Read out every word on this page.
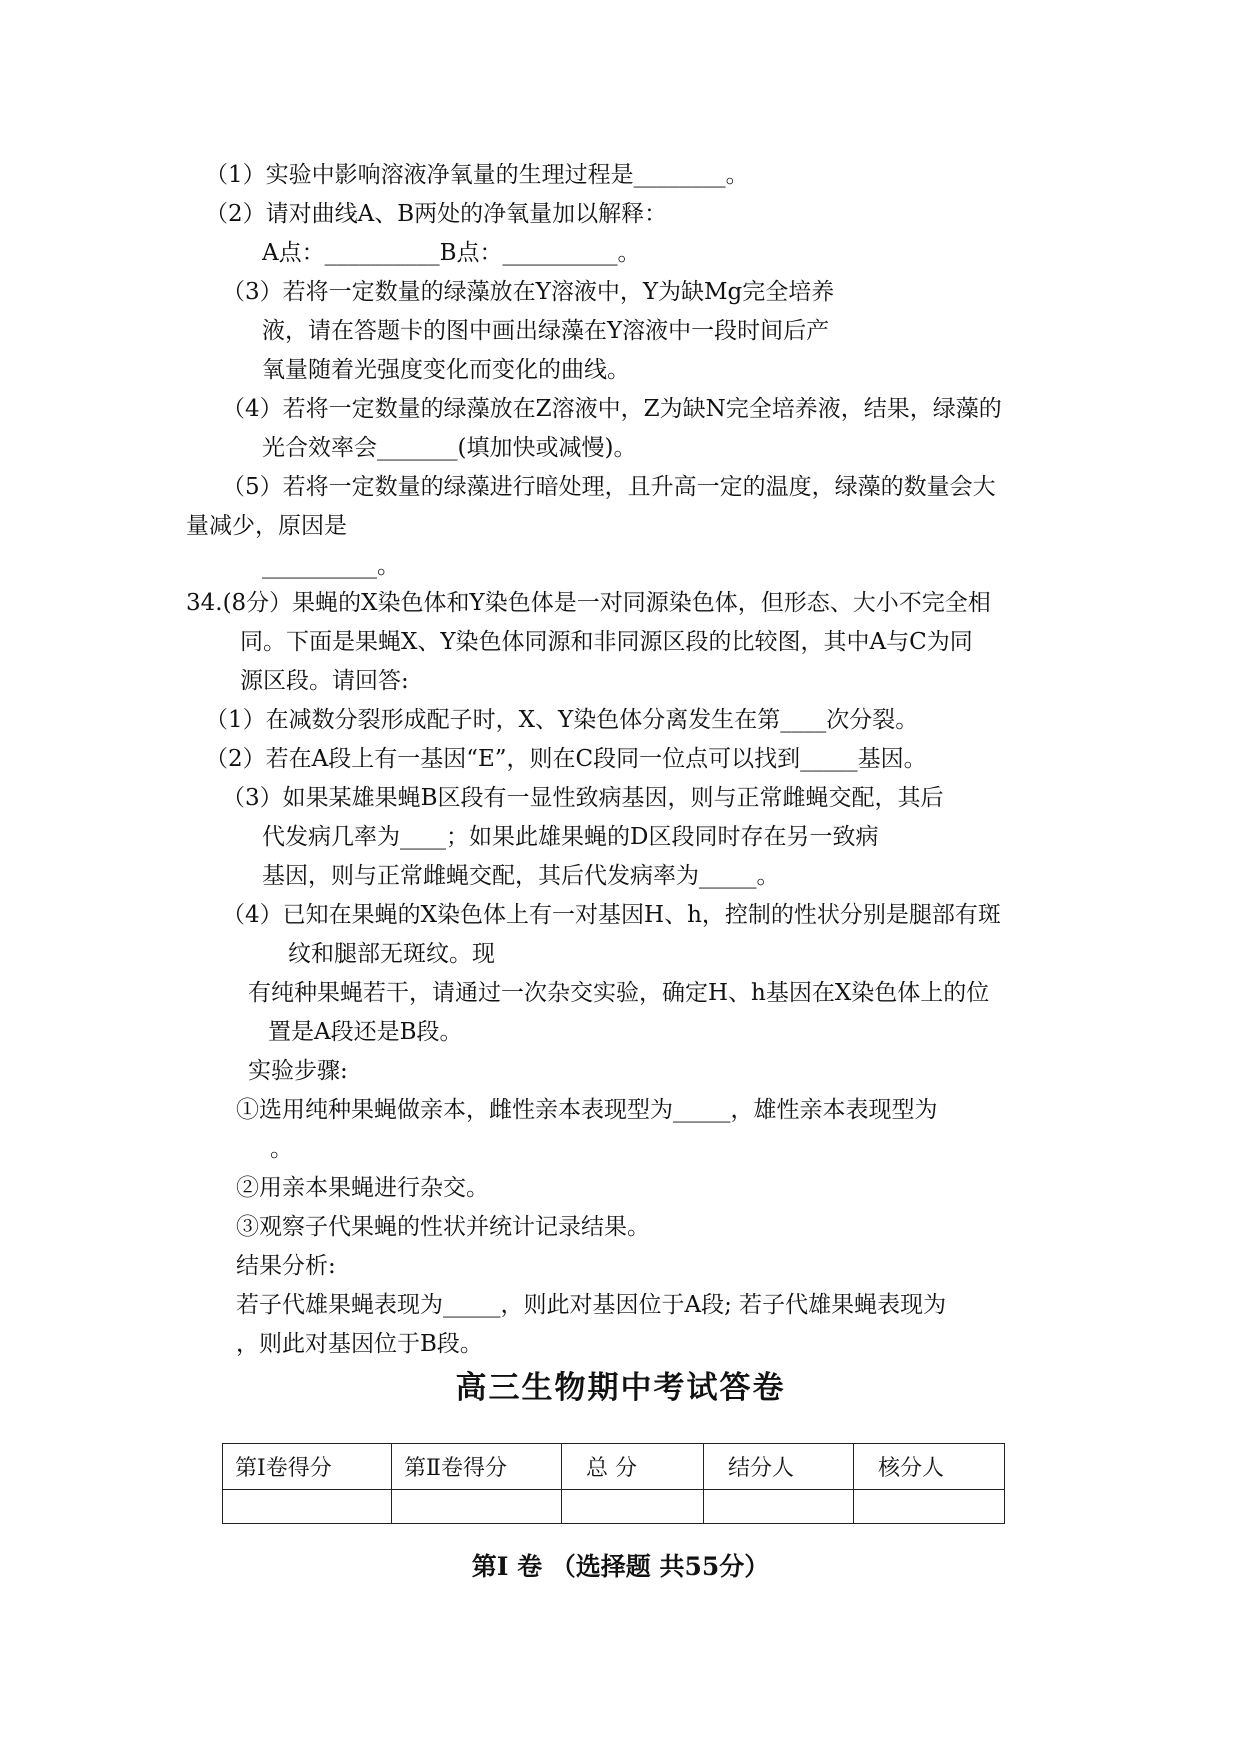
（1）实验中影响溶液净氧量的生理过程是________。
（2）请对曲线A、B两处的净氧量加以解释：
A点：__________B点：__________。
（3）若将一定数量的绿藻放在Y溶液中，Y为缺Mg完全培养
液，请在答题卡的图中画出绿藻在Y溶液中一段时间后产
氧量随着光强度变化而变化的曲线。
（4）若将一定数量的绿藻放在Z溶液中，Z为缺N完全培养液，结果，绿藻的
光合效率会_______(填加快或减慢)。
（5）若将一定数量的绿藻进行暗处理，且升高一定的温度，绿藻的数量会大
量减少，原因是
__________。
34.(8分）果蝇的X染色体和Y染色体是一对同源染色体，但形态、大小不完全相
同。下面是果蝇X、Y染色体同源和非同源区段的比较图，其中A与C为同
源区段。请回答:
（1）在减数分裂形成配子时，X、Y染色体分离发生在第____次分裂。
（2）若在A段上有一基因“E”，则在C段同一位点可以找到_____基因。
（3）如果某雄果蝇B区段有一显性致病基因，则与正常雌蝇交配，其后
代发病几率为____；如果此雄果蝇的D区段同时存在另一致病
基因，则与正常雌蝇交配，其后代发病率为_____。
（4）已知在果蝇的X染色体上有一对基因H、h，控制的性状分别是腿部有斑
纹和腿部无斑纹。现
有纯种果蝇若干，请通过一次杂交实验，确定H、h基因在X染色体上的位
置是A段还是B段。
实验步骤:
①选用纯种果蝇做亲本，雌性亲本表现型为_____，雄性亲本表现型为
。
②用亲本果蝇进行杂交。
③观察子代果蝇的性状并统计记录结果。
结果分析:
若子代雄果蝇表现为_____，则此对基因位于A段; 若子代雄果蝇表现为
，则此对基因位于B段。
高三生物期中考试答卷
第Ⅰ卷得分	第Ⅱ卷得分	总 分	结分人	核分人

第I 卷 （选择题 共55分）
